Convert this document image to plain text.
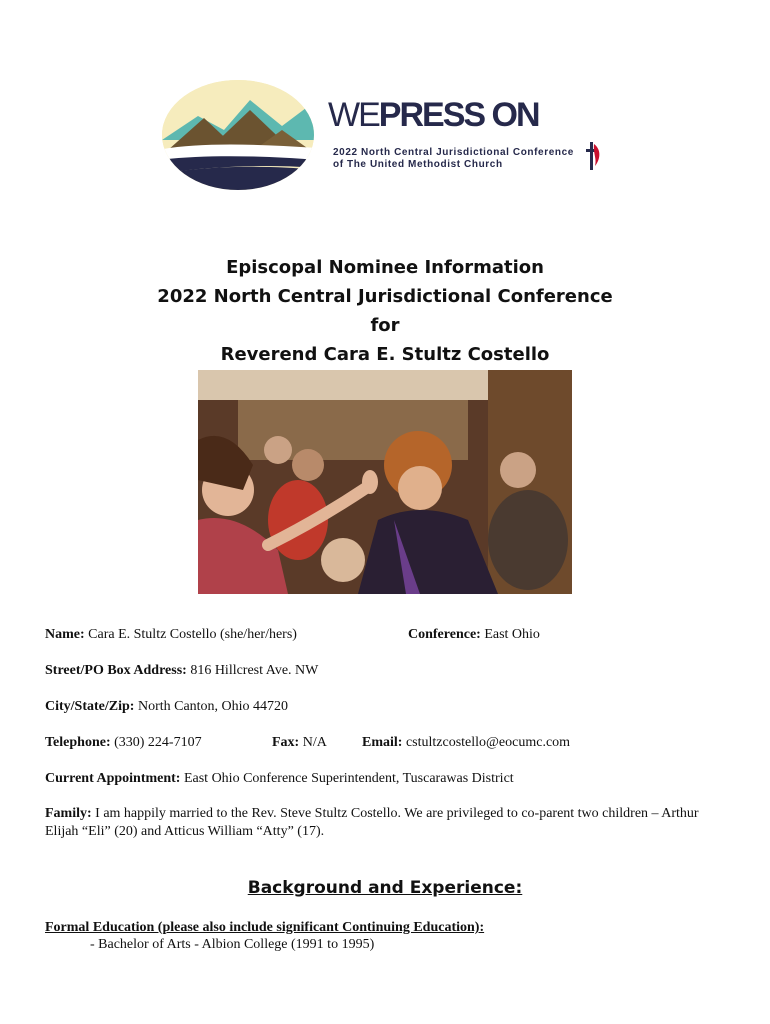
WEPRESS ON
2022 North Central Jurisdictional Conference
of The United Methodist Church
Episcopal Nominee Information
2022 North Central Jurisdictional Conference
for
Reverend Cara E. Stultz Costello
Name: Cara E. Stultz Costello (she/her/hers)	Conference: East Ohio
Street/PO Box Address: 816 Hillcrest Ave. NW
City/State/Zip: North Canton, Ohio 44720
Telephone: (330) 224-7107	Fax: N/A	Email: cstultzcostello@eocumc.com
Current Appointment: East Ohio Conference Superintendent, Tuscarawas District
Family: I am happily married to the Rev. Steve Stultz Costello. We are privileged to co-parent two children – Arthur Elijah “Eli” (20) and Atticus William “Atty” (17).
Background and Experience:
Formal Education (please also include significant Continuing Education):
- Bachelor of Arts - Albion College (1991 to 1995)
